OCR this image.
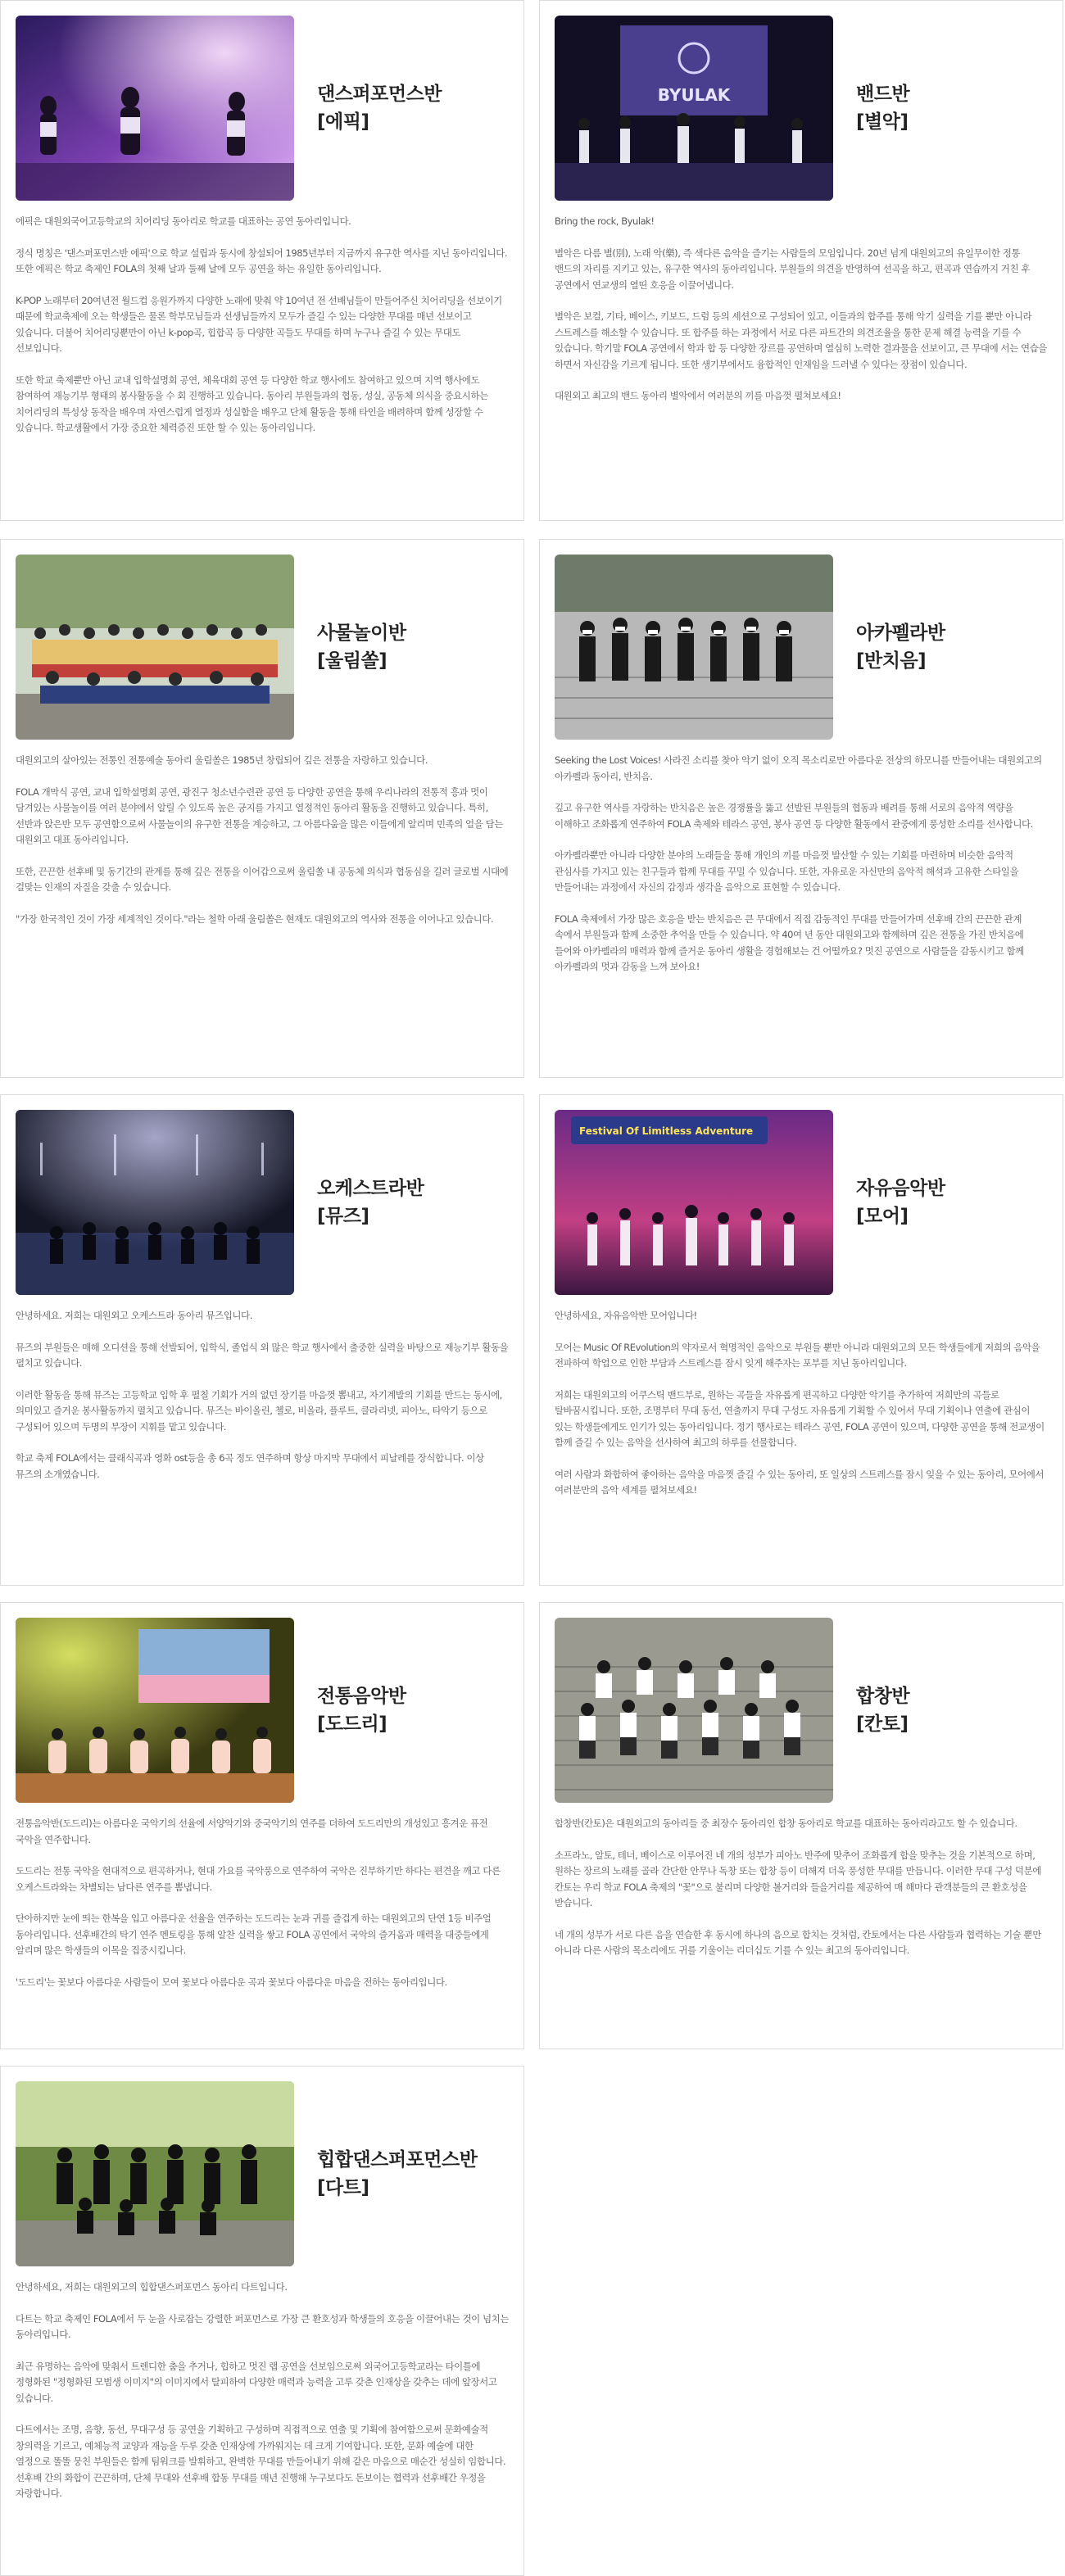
댄스퍼포먼스반
[에픽]

에픽은 대원외국어고등학교의 치어리딩 동아리로 학교를 대표하는 공연 동아리입니다.

정식 명칭은 '댄스퍼포먼스반 에픽'으로 학교 설립과 동시에 창설되어 1985년부터 지금까지 유구한 역사를 지닌 동아리입니다. 또한 에픽은 학교 축제인 FOLA의 첫째 날과 둘째 날에 모두 공연을 하는 유일한 동아리입니다.

K-POP 노래부터 20여년전 월드컵 응원가까지 다양한 노래에 맞춰 약 10여년 전 선배님들이 만들어주신 치어리딩을 선보이기 때문에 학교축제에 오는 학생들은 물론 학부모님들과 선생님들까지 모두가 즐길 수 있는 다양한 무대를 매년 선보이고 있습니다. 더불어 치어리딩뿐만이 아닌 k-pop곡, 힙합곡 등 다양한 곡들도 무대를 하며 누구나 즐길 수 있는 무대도 선보입니다.

또한 학교 축제뿐만 아닌 교내 입학설명회 공연, 체육대회 공연 등 다양한 학교 행사에도 참여하고 있으며 지역 행사에도 참여하여 재능기부 형태의 봉사활동을 수 회 진행하고 있습니다. 동아리 부원들과의 협동, 성실, 공동체 의식을 중요시하는 치어리딩의 특성상 동작을 배우며 자연스럽게 열정과 성실함을 배우고 단체 활동을 통해 타인을 배려하며 함께 성장할 수 있습니다. 학교생활에서 가장 중요한 체력증진 또한 할 수 있는 동아리입니다.

BYULAK	밴드반
[별악]

Bring the rock, Byulak!

별악은 다름 별(別), 노래 악(樂), 즉 색다른 음악을 즐기는 사람들의 모임입니다. 20년 넘게 대원외고의 유일무이한 정통 밴드의 자리를 지키고 있는, 유구한 역사의 동아리입니다. 부원들의 의견을 반영하여 선곡을 하고, 편곡과 연습까지 거친 후 공연에서 연교생의 열띤 호응을 이끌어냅니다.

별악은 보컬, 기타, 베이스, 키보드, 드럼 등의 세션으로 구성되어 있고, 이들과의 합주를 통해 악기 실력을 기를 뿐만 아니라 스트레스를 해소할 수 있습니다. 또 합주를 하는 과정에서 서로 다른 파트간의 의견조율을 통한 문제 해결 능력을 기를 수 있습니다. 학기말 FOLA 공연에서 학과 합 등 다양한 장르를 공연하며 열심히 노력한 결과물을 선보이고, 큰 무대에 서는 연습을 하면서 자신감을 기르게 됩니다. 또한 생기부에서도 융합적인 인재임을 드러낼 수 있다는 장점이 있습니다.

대원외고 최고의 밴드 동아리 별악에서 여러분의 끼를 마음껏 펼쳐보세요!

사물놀이반
[울림쏠]

대원외고의 살아있는 전통인 전통예술 동아리 울림쏠은 1985년 창립되어 깊은 전통을 자랑하고 있습니다.

FOLA 개막식 공연, 교내 입학설명회 공연, 광진구 청소년수련관 공연 등 다양한 공연을 통해 우리나라의 전통적 흥과 멋이 담겨있는 사물놀이를 여러 분야에서 알릴 수 있도록 높은 긍지를 가지고 열정적인 동아리 활동을 진행하고 있습니다. 특히, 선반과 앉은반 모두 공연함으로써 사물놀이의 유구한 전통을 계승하고, 그 아름다움을 많은 이들에게 알리며 민족의 얼을 담는 대원외고 대표 동아리입니다.

또한, 끈끈한 선후배 및 동기간의 관계를 통해 깊은 전통을 이어갑으로써 울림쏠 내 공동체 의식과 협동심을 길러 글로벌 시대에 걸맞는 인재의 자질을 갖출 수 있습니다.

"가장 한국적인 것이 가장 세계적인 것이다."라는 철학 아래 울림쏠은 현재도 대원외고의 역사와 전통을 이어나고 있습니다.

아카펠라반
[반치음]

Seeking the Lost Voices! 사라진 소리를 찾아 악기 없이 오직 목소리로만 아름다운 전상의 하모니를 만들어내는 대원외고의 아카펠라 동아리, 반치음.

깊고 유구한 역사를 자랑하는 반치음은 높은 경쟁률을 뚫고 선발된 부원들의 협동과 배려를 통해 서로의 음악적 역량을 이해하고 조화롭게 연주하여 FOLA 축제와 테라스 공연, 봉사 공연 등 다양한 활동에서 관중에게 풍성한 소리를 선사합니다.

아카펠라뿐만 아니라 다양한 분야의 노래들을 통해 개인의 끼를 마음껏 발산할 수 있는 기회를 마련하며 비슷한 음악적 관심사를 가지고 있는 친구들과 함께 무대를 꾸밀 수 있습니다. 또한, 자유로운 자신만의 음악적 해석과 고유한 스타일을 만들어내는 과정에서 자신의 감정과 생각을 음악으로 표현할 수 있습니다.

FOLA 축제에서 가장 많은 호응을 받는 반치음은 큰 무대에서 직접 감동적인 무대를 만들어가며 선후배 간의 끈끈한 관계 속에서 부원들과 함께 소중한 추억을 만들 수 있습니다. 약 40여 년 동안 대원외고와 함께하며 깊은 전통을 가진 반치음에 들어와 아카펠라의 매력과 함께 즐거운 동아리 생활을 경험해보는 건 어떨까요? 멋진 공연으로 사람들을 감동시키고 함께 아카펠라의 멋과 감동을 느껴 보아요!

오케스트라반
[뮤즈]

안녕하세요. 저희는 대원외고 오케스트라 동아리 뮤즈입니다.

뮤즈의 부원들은 매해 오디션을 통해 선발되어, 입학식, 졸업식 외 많은 학교 행사에서 출중한 실력을 바탕으로 재능기부 활동을 펼치고 있습니다.

이러한 활동을 통해 뮤즈는 고등학교 입학 후 펼칠 기회가 거의 없던 장기를 마음껏 뽐내고, 자기계발의 기회를 만드는 동시에, 의미있고 즐거운 봉사활동까지 펼치고 있습니다. 뮤즈는 바이올린, 첼로, 비올라, 플루트, 클라리넷, 피아노, 타악기 등으로 구성되어 있으며 두명의 부장이 지휘를 맡고 있습니다.

학교 축제 FOLA에서는 클래식곡과 영화 ost등을 총 6곡 정도 연주하며 항상 마지막 무대에서 피날레를 장식합니다. 이상 뮤즈의 소개였습니다.

Festival Of Limitless Adventure
자유음악반
[모어]

안녕하세요, 자유음악반 모어입니다!

모어는 Music Of REvolution의 약자로서 혁명적인 음악으로 부원들 뿐만 아니라 대원외고의 모든 학생들에게 저희의 음악을 전파하여 학업으로 인한 부담과 스트레스를 잠시 잊게 해주자는 포부를 지닌 동아리입니다.

저희는 대원외고의 어쿠스틱 밴드부로, 원하는 곡들을 자유롭게 편곡하고 다양한 악기를 추가하여 저희만의 곡들로 탈바꿈시킵니다. 또한, 조명부터 무대 동선, 연출까지 무대 구성도 자유롭게 기획할 수 있어서 무대 기획이나 연출에 관심이 있는 학생들에게도 인기가 있는 동아리입니다. 정기 행사로는 테라스 공연, FOLA 공연이 있으며, 다양한 공연을 통해 전교생이 함께 즐길 수 있는 음악을 선사하여 최고의 하루를 선물합니다.

여러 사람과 화합하여 좋아하는 음악을 마음껏 즐길 수 있는 동아리, 또 일상의 스트레스를 잠시 잊을 수 있는 동아리, 모어에서 여러분만의 음악 세계를 펼쳐보세요!

전통음악반
[도드리]

전통음악반(도드리)는 아름다운 국악기의 선율에 서양악기와 중국악기의 연주를 더하여 도드리만의 개성있고 흥겨운 퓨전 국악을 연주합니다.

도드리는 전통 국악을 현대적으로 편곡하거나, 현대 가요를 국악풍으로 연주하여 국악은 진부하기만 하다는 편견을 깨고 다른 오케스트라와는 차별되는 남다른 연주를 뽐냅니다.

단아하지만 눈에 띄는 한복을 입고 아름다운 선율을 연주하는 도드리는 눈과 귀를 즐겁게 하는 대원외고의 단연 1등 비주얼 동아리입니다. 선후배간의 탁기 연주 멘토링을 통해 알찬 실력을 쌓고 FOLA 공연에서 국악의 즐거움과 매력을 대중들에게 알리며 많은 학생들의 이목을 집중시킵니다.

'도드리'는 꽃보다 아름다운 사람들이 모여 꽃보다 아름다운 곡과 꽃보다 아름다운 마음을 전하는 동아리입니다.

합창반
[칸토]

합창반(칸토)은 대원외고의 동아리들 중 최장수 동아리인 합창 동아리로 학교를 대표하는 동아리라고도 할 수 있습니다.

소프라노, 알토, 테너, 베이스로 이루어진 네 개의 성부가 피아노 반주에 맞추어 조화롭게 합을 맞추는 것을 기본적으로 하며, 원하는 장르의 노래를 골라 간단한 안무나 독창 또는 합창 등이 더해져 더욱 풍성한 무대를 만듭니다. 이러한 무대 구성 덕분에 칸토는 우리 학교 FOLA 축제의 "꽃"으로 불리며 다양한 볼거리와 들을거리를 제공하여 매 해마다 관객분들의 큰 환호성을 받습니다.

네 개의 성부가 서로 다른 음을 연습한 후 동시에 하나의 음으로 합치는 것처럼, 칸토에서는 다른 사람들과 협력하는 기술 뿐만 아니라 다른 사람의 목소리에도 귀를 기울이는 리더십도 기를 수 있는 최고의 동아리입니다.

힙합댄스퍼포먼스반
[다트]

안녕하세요, 저희는 대원외고의 힙합댄스퍼포먼스 동아리 다트입니다.

다트는 학교 축제인 FOLA에서 두 눈을 사로잡는 강렬한 퍼포먼스로 가장 큰 환호성과 학생들의 호응을 이끌어내는 것이 넘치는 동아리입니다.

최근 유명하는 음악에 맞춰서 트렌디한 춤을 추거나, 힙하고 멋진 랩 공연을 선보임으로써 외국어고등학교라는 타이틀에 정형화된 "정형화된 모범생 이미지"의 이미지에서 탈피하여 다양한 매력과 능력을 고루 갖춘 인재상을 갖추는 데에 앞장서고 있습니다.

다트에서는 조명, 음향, 동선, 무대구성 등 공연을 기획하고 구성하며 직접적으로 연출 및 기획에 참여함으로써 문화예술적 창의력을 기르고, 예체능적 교양과 재능을 두루 갖춘 인재상에 가까워지는 데 크게 기여합니다. 또한, 문화 예술에 대한 열정으로 똘똘 뭉친 부원들은 함께 팀워크를 발휘하고, 완벽한 무대를 만들어내기 위해 같은 마음으로 매순간 성실히 임합니다. 선후배 간의 화합이 끈끈하며, 단체 무대와 선후배 합동 무대를 매년 진행해 누구보다도 돈보이는 협력과 선후배간 우정을 자랑합니다.
